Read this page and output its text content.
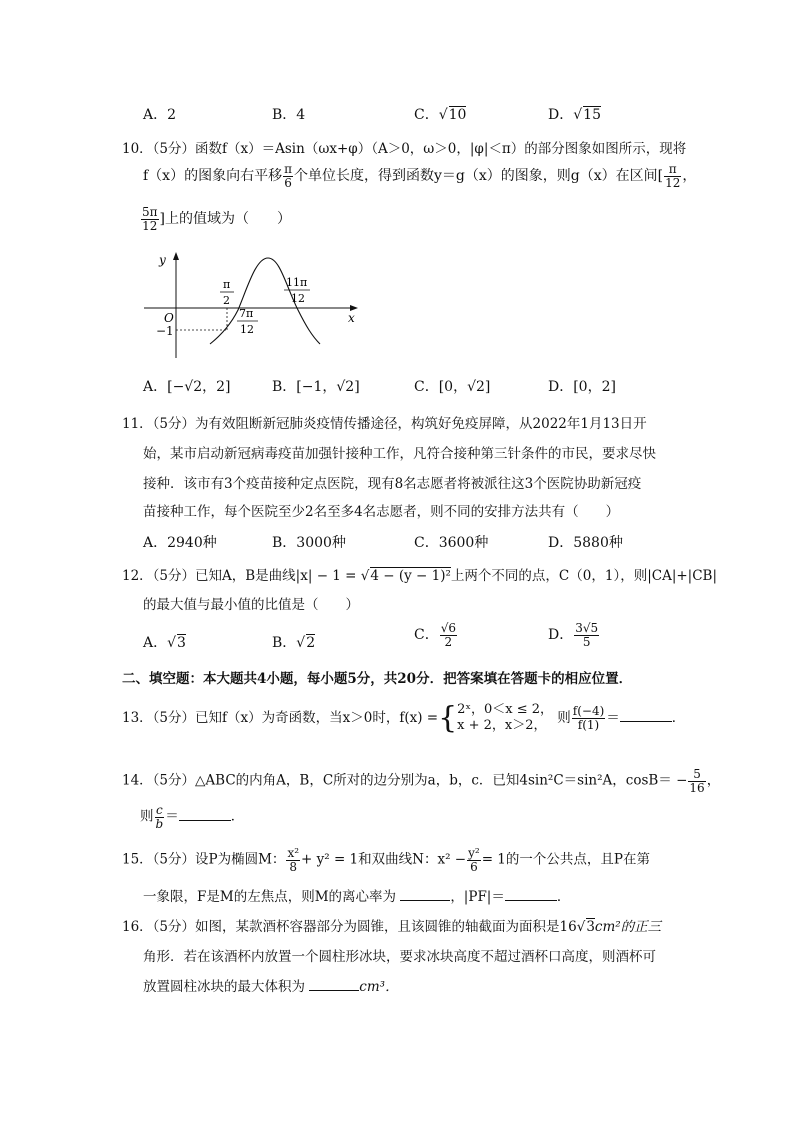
A．2	B．4	C．√10	D．√15
10．（5分）函数f（x）＝Asin（ωx+φ）（A＞0，ω＞0，|φ|＜π）的部分图象如图所示，现将
f（x）的图象向右平移 $\frac{\pi}{6}$ 个单位长度，得到函数y＝g（x）的图象，则g（x）在区间[ $\frac{\pi}{12}$ ，
$\frac{5\pi}{12}$ ]上的值域为（　　）
y
x
O
−1
π
2
7π
12
11π
12
A．[−√2，2]	B．[−1，√2]	C．[0，√2]	D．[0，2]
11．（5分）为有效阻断新冠肺炎疫情传播途径，构筑好免疫屏障，从2022年1月13日开
始，某市启动新冠病毒疫苗加强针接种工作，凡符合接种第三针条件的市民，要求尽快
接种．该市有3个疫苗接种定点医院，现有8名志愿者将被派往这3个医院协助新冠疫
苗接种工作，每个医院至少2名至多4名志愿者，则不同的安排方法共有（　　）
A．2940种	B．3000种	C．3600种	D．5880种
12．（5分）已知A，B是曲线|x| − 1 = √4 − (y − 1)²上两个不同的点，C（0，1），则|CA|+|CB|
的最大值与最小值的比值是（　　）
A．√3	B．√2	C． $\frac{√6}{2}$	D． $\frac{3√5}{5}$
二、填空题：本大题共4小题，每小题5分，共20分．把答案填在答题卡的相应位置．
13．（5分）已知f（x）为奇函数，当x＞0时，f(x) ={ 2ˣ，0＜x ≤ 2，
x + 2，x＞2， 则 $\frac{f(-4)}{f(1)}$ ＝	．
14．（5分）△ABC的内角A，B，C所对的边分别为a，b，c．已知4sin²C＝sin²A，$\cos B= - \frac{5}{16}$ ，
则 $\frac{c}{b}$ ＝	．
15．（5分）设P为椭圆M： $\frac{\text{x²}}{8} + y^2 = 1$和双曲线N：$x^2 - \frac{\text{y²}}{6} = 1$的一个公共点，且P在第
一象限，F是M的左焦点，则M的离心率为	，|PF|＝	．
16．（5分）如图，某款酒杯容器部分为圆锥，且该圆锥的轴截面为面积是16√3cm²的正三
角形．若在该酒杯内放置一个圆柱形冰块，要求冰块高度不超过酒杯口高度，则酒杯可
放置圆柱冰块的最大体积为	cm³．
